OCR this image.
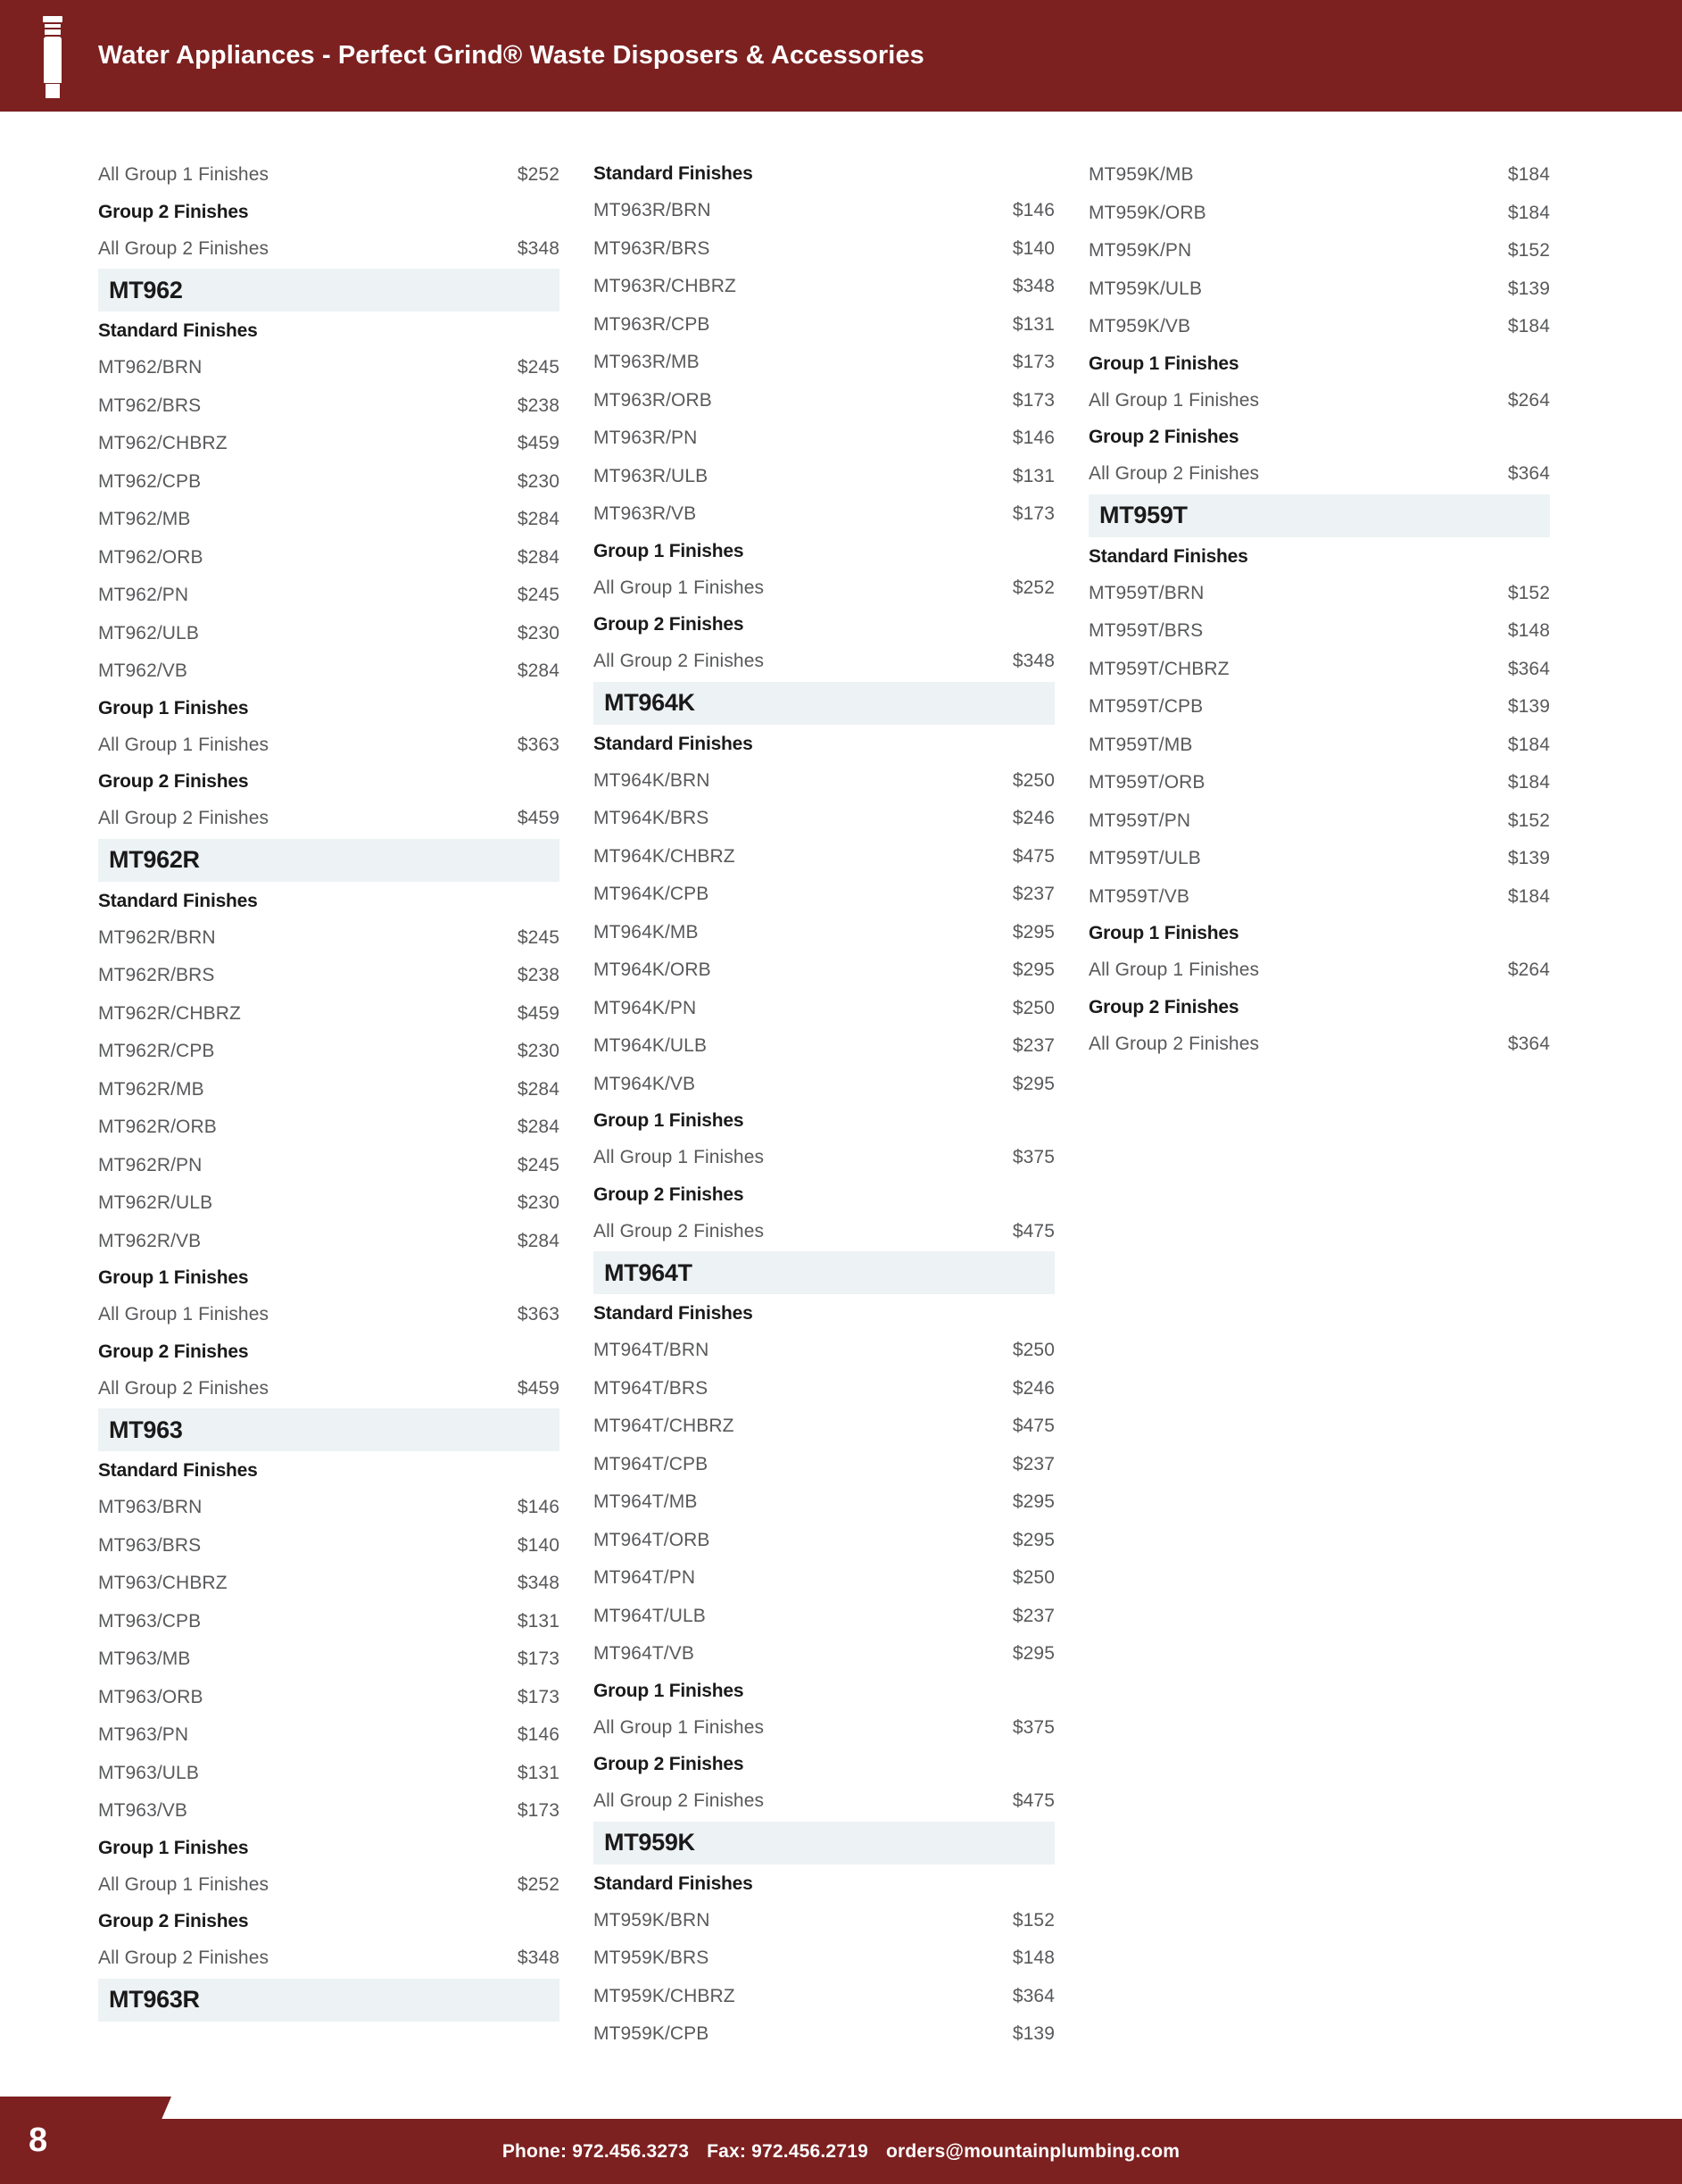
Water Appliances - Perfect Grind® Waste Disposers & Accessories
All Group 1 Finishes	$252
Group 2 Finishes
All Group 2 Finishes	$348
MT962
Standard Finishes
MT962/BRN	$245
MT962/BRS	$238
MT962/CHBRZ	$459
MT962/CPB	$230
MT962/MB	$284
MT962/ORB	$284
MT962/PN	$245
MT962/ULB	$230
MT962/VB	$284
Group 1 Finishes
All Group 1 Finishes	$363
Group 2 Finishes
All Group 2 Finishes	$459
MT962R
Standard Finishes
MT962R/BRN	$245
MT962R/BRS	$238
MT962R/CHBRZ	$459
MT962R/CPB	$230
MT962R/MB	$284
MT962R/ORB	$284
MT962R/PN	$245
MT962R/ULB	$230
MT962R/VB	$284
Group 1 Finishes
All Group 1 Finishes	$363
Group 2 Finishes
All Group 2 Finishes	$459
MT963
Standard Finishes
MT963/BRN	$146
MT963/BRS	$140
MT963/CHBRZ	$348
MT963/CPB	$131
MT963/MB	$173
MT963/ORB	$173
MT963/PN	$146
MT963/ULB	$131
MT963/VB	$173
Group 1 Finishes
All Group 1 Finishes	$252
Group 2 Finishes
All Group 2 Finishes	$348
MT963R
Standard Finishes
MT963R/BRN	$146
MT963R/BRS	$140
MT963R/CHBRZ	$348
MT963R/CPB	$131
MT963R/MB	$173
MT963R/ORB	$173
MT963R/PN	$146
MT963R/ULB	$131
MT963R/VB	$173
Group 1 Finishes
All Group 1 Finishes	$252
Group 2 Finishes
All Group 2 Finishes	$348
MT964K
Standard Finishes
MT964K/BRN	$250
MT964K/BRS	$246
MT964K/CHBRZ	$475
MT964K/CPB	$237
MT964K/MB	$295
MT964K/ORB	$295
MT964K/PN	$250
MT964K/ULB	$237
MT964K/VB	$295
Group 1 Finishes
All Group 1 Finishes	$375
Group 2 Finishes
All Group 2 Finishes	$475
MT964T
Standard Finishes
MT964T/BRN	$250
MT964T/BRS	$246
MT964T/CHBRZ	$475
MT964T/CPB	$237
MT964T/MB	$295
MT964T/ORB	$295
MT964T/PN	$250
MT964T/ULB	$237
MT964T/VB	$295
Group 1 Finishes
All Group 1 Finishes	$375
Group 2 Finishes
All Group 2 Finishes	$475
MT959K
Standard Finishes
MT959K/BRN	$152
MT959K/BRS	$148
MT959K/CHBRZ	$364
MT959K/CPB	$139
MT959K/MB	$184
MT959K/ORB	$184
MT959K/PN	$152
MT959K/ULB	$139
MT959K/VB	$184
Group 1 Finishes
All Group 1 Finishes	$264
Group 2 Finishes
All Group 2 Finishes	$364
MT959T
Standard Finishes
MT959T/BRN	$152
MT959T/BRS	$148
MT959T/CHBRZ	$364
MT959T/CPB	$139
MT959T/MB	$184
MT959T/ORB	$184
MT959T/PN	$152
MT959T/ULB	$139
MT959T/VB	$184
Group 1 Finishes
All Group 1 Finishes	$264
Group 2 Finishes
All Group 2 Finishes	$364
Phone: 972.456.3273 Fax: 972.456.2719 orders@mountainplumbing.com
8
